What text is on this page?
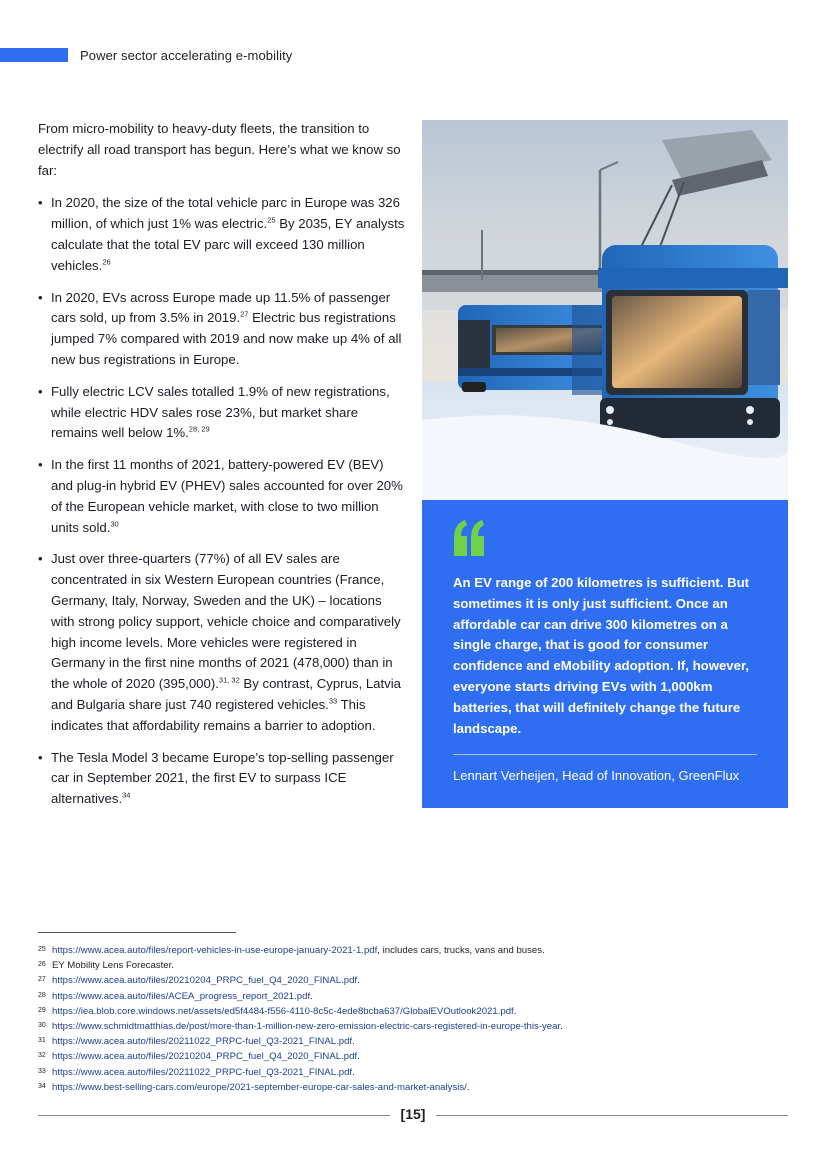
Power sector accelerating e-mobility

From micro-mobility to heavy-duty fleets, the transition to electrify all road transport has begun. Here’s what we know so far:

• In 2020, the size of the total vehicle parc in Europe was 326 million, of which just 1% was electric.$^{25}$ By 2035, EY analysts calculate that the total EV parc will exceed 130 million vehicles.$^{26}$
• In 2020, EVs across Europe made up 11.5% of passenger cars sold, up from 3.5% in 2019.27 Electric bus registrations jumped 7% compared with 2019 and now make up 4% of all new bus registrations in Europe.
• Fully electric LCV sales totalled 1.9% of new registrations, while electric HDV sales rose 23%, but market share remains well below 1%.$^{28, 29}$
• In the first 11 months of 2021, battery-powered EV (BEV) and plug-in hybrid EV (PHEV) sales accounted for over 20% of the European vehicle market, with close to two million units sold.$^{30}$
• Just over three-quarters (77%) of all EV sales are concentrated in six Western European countries (France, Germany, Italy, Norway, Sweden and the UK) – locations with strong policy support, vehicle choice and comparatively high income levels. More vehicles were registered in Germany in the first nine months of 2021 (478,000) than in the whole of 2020 (395,000).$^{31, 32}$ By contrast, Cyprus, Latvia and Bulgaria share just 740 registered vehicles.$^{33}$ This indicates that affordability remains a barrier to adoption.
• The Tesla Model 3 became Europe’s top-selling passenger car in September 2021, the first EV to surpass ICE alternatives.$^{34}$

An EV range of 200 kilometres is sufficient. But sometimes it is only just sufficient. Once an affordable car can drive 300 kilometres on a single charge, that is good for consumer confidence and eMobility adoption. If, however, everyone starts driving EVs with 1,000km batteries, that will definitely change the future landscape.

Lennart Verheijen, Head of Innovation, GreenFlux

25 https://www.acea.auto/files/report-vehicles-in-use-europe-january-2021-1.pdf, includes cars, trucks, vans and buses.
26 EY Mobility Lens Forecaster.
27 https://www.acea.auto/files/20210204_PRPC_fuel_Q4_2020_FINAL.pdf.
28 https://www.acea.auto/files/ACEA_progress_report_2021.pdf.
29 https://iea.blob.core.windows.net/assets/ed5f4484-f556-4110-8c5c-4ede8bcba637/GlobalEVOutlook2021.pdf.
30 https://www.schmidtmatthias.de/post/more-than-1-million-new-zero-emission-electric-cars-registered-in-europe-this-year.
31 https://www.acea.auto/files/20211022_PRPC-fuel_Q3-2021_FINAL.pdf.
32 https://www.acea.auto/files/20210204_PRPC_fuel_Q4_2020_FINAL.pdf.
33 https://www.acea.auto/files/20211022_PRPC-fuel_Q3-2021_FINAL.pdf.
34 https://www.best-selling-cars.com/europe/2021-september-europe-car-sales-and-market-analysis/.
[15]
